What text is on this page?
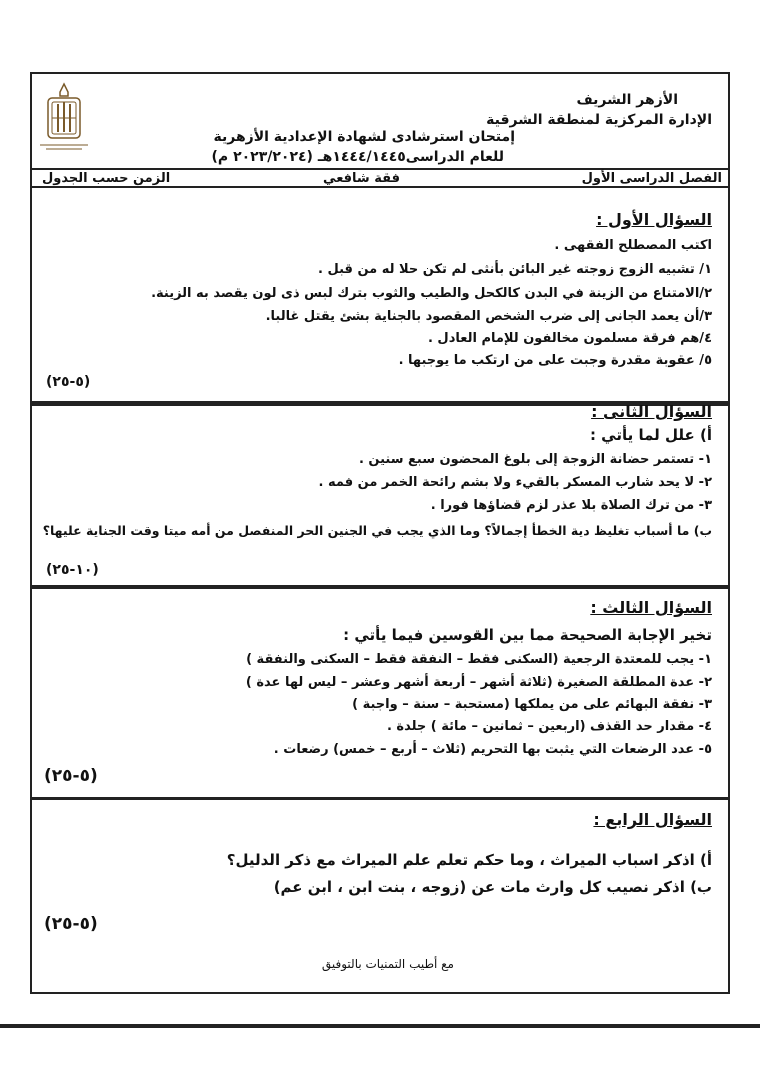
الأزهر الشريف
الإدارة المركزية لمنطقة الشرقية
إمتحان استرشادى لشهادة الإعدادية الأزهرية
للعام الدراسى١٤٤٤/١٤٤٥هـ (٢٠٢٣/٢٠٢٤ م)
الفصل الدراسى الأول
فقة شافعي
الزمن حسب الجدول
السؤال الأول :
اكتب المصطلح الفقهى .
١/ تشبيه الزوج زوجته غير البائن بأنثى لم تكن حلا له من قبل .
٢/الامتناع من الزينة في البدن كالكحل والطيب والثوب بترك لبس ذى لون يقصد به الزينة.
٣/أن يعمد الجانى إلى ضرب الشخص المقصود بالجناية بشئ يقتل غالبا.
٤/هم فرقة مسلمون مخالفون للإمام العادل .
٥/ عقوبة مقدرة وجبت على من ارتكب ما يوجبها .
(٥-٢٥)
السؤال الثانى :
أ) علل لما يأتي :
١- تستمر حضانة الزوجة إلى بلوغ المحضون سبع سنين .
٢- لا يحد شارب المسكر بالقيء ولا بشم رائحة الخمر من فمه .
٣- من ترك الصلاة بلا عذر لزم قضاؤها فورا .
ب) ما أسباب تغليظ دية الخطأ إجمالاً؟ وما الذي يجب في الجنين الحر المنفصل من أمه ميتا وقت الجناية عليها؟
(١٠-٢٥)
السؤال الثالث :
تخير الإجابة الصحيحة مما بين القوسين فيما يأتي :
١- يجب للمعتدة الرجعية (السكنى فقط – النفقة فقط – السكنى والنفقة )
٢- عدة المطلقة الصغيرة (ثلاثة أشهر – أربعة أشهر وعشر – ليس لها عدة )
٣- نفقة البهائم على من يملكها (مستحبة – سنة – واجبة )
٤- مقدار حد القذف (اربعين – ثمانين – مائة ) جلدة .
٥- عدد الرضعات التي يثبت بها التحريم (ثلاث – أربع – خمس) رضعات .
(٥-٢٥)
السؤال الرابع :
أ) اذكر اسباب الميراث ، وما حكم تعلم علم الميراث مع ذكر الدليل؟
ب) اذكر نصيب كل وارث مات عن (زوجه ، بنت ابن ، ابن عم)
(٥-٢٥)
مع أطيب التمنيات بالتوفيق
